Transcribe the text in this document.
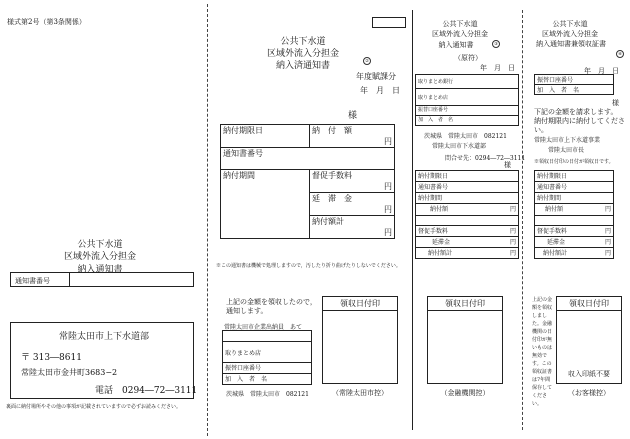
様式第2号（第3条関係）
公共下水道
区域外流入分担金
納入通知書
通知書番号
常陸太田市上下水道部
〒 313―8611
常陸太田市金井町3683−2
電話　0294―72―3111
裏面に納付場所やその他の事項が記載されていますので必ずお読みください。
公共下水道
区域外流入分担金
納入済通知書
②
年度賦課分
年　月　日
様
納付期限日	納　付　額

円

通知書番号	
納付期間	督促手数料

円

	延　滞　金

円

	納付額計

円
※この通知書は機械で処理しますので，汚したり折り曲げたりしないでください。
上記の金額を領収したので，
通知します。
常陸太田市企業出納員　あて

取りまとめ店
振替口座番号
加　入　者　名
茨城県　常陸太田市　082121
領収日付印
（常陸太田市控）
公共下水道
区域外流入分担金
納入通知書	③
（原符）
年　月　日
取りまとめ銀行
取りまとめ店
振替口座番号
加　入　者　名
茨城県　常陸太田市　082121
常陸太田市下水道部
問合せ先：0294―72―3111
様
納付期限日
通知書番号
納付期間
納付額	円

督促手数料	円

延滞金	円

納付額計	円
領収日付印
（金融機関控）
公共下水道
区域外流入分担金
納入通知書兼領収証書
④
振替口座番号
加　入　者　名
年　月　日
様
下記の金額を請求します。
納付期限内に納付してくださ
い。
常陸太田市上下水道事業
常陸太田市長
※領収日付印の日付が領収日です。
納付期限日
通知書番号
納付期間
納付額	円

督促手数料	円

延滞金	円

納付額計	円
上記の金額を領収しました。金融機関の日付印が無いものは無効です。この領収証書は7年間保存してください。
領収日付印
収入印紙不要
（お客様控）
